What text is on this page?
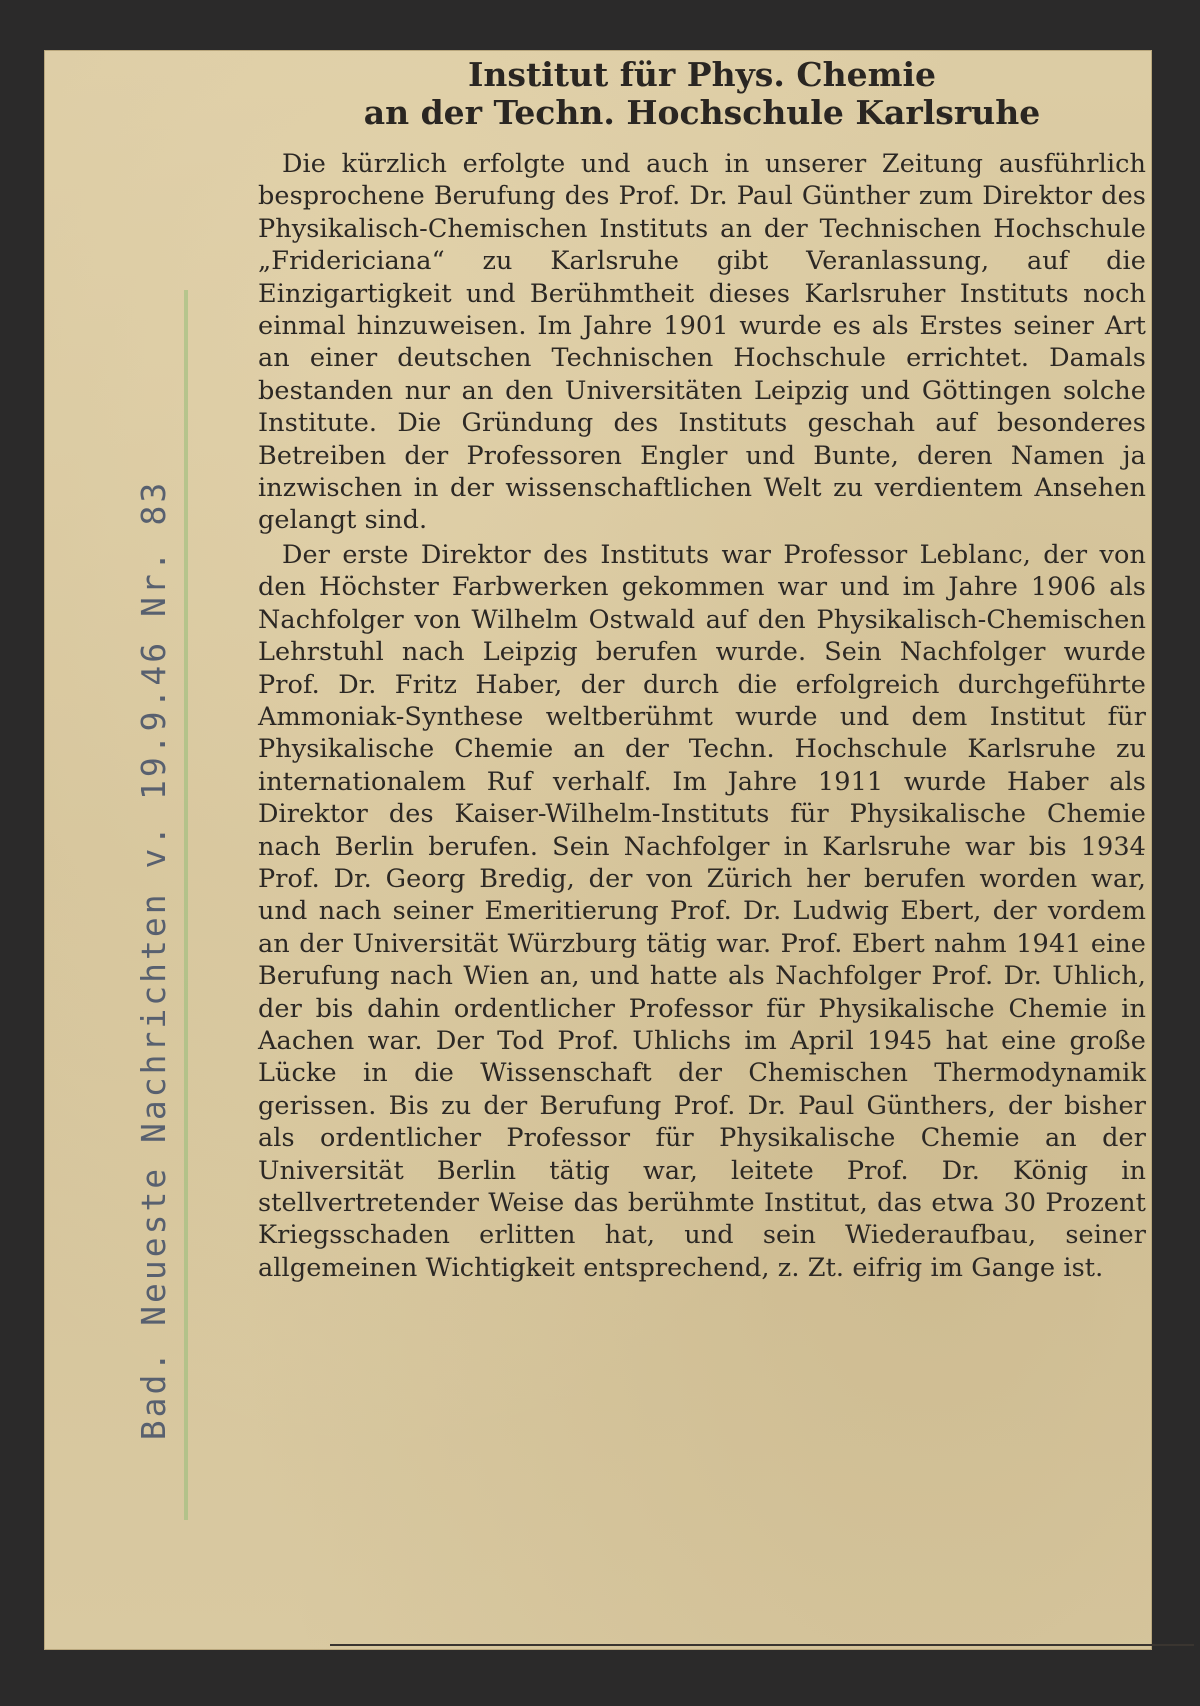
Bad. Neueste Nachrichten v. 19.9.46 Nr. 83
Institut für Phys. Chemie
an der Techn. Hochschule Karlsruhe

Die kürzlich erfolgte und auch in unserer Zeitung ausführlich besprochene Berufung des Prof. Dr. Paul Günther zum Direktor des Physikalisch-Chemischen Instituts an der Technischen Hochschule „Fridericiana“ zu Karlsruhe gibt Veranlassung, auf die Einzigartigkeit und Berühmtheit dieses Karlsruher Instituts noch einmal hinzuweisen. Im Jahre 1901 wurde es als Erstes seiner Art an einer deutschen Technischen Hochschule errichtet. Damals bestanden nur an den Universitäten Leipzig und Göttingen solche Institute. Die Gründung des Instituts geschah auf besonderes Betreiben der Professoren Engler und Bunte, deren Namen ja inzwischen in der wissenschaftlichen Welt zu verdientem Ansehen gelangt sind.

Der erste Direktor des Instituts war Professor Leblanc, der von den Höchster Farbwerken gekommen war und im Jahre 1906 als Nachfolger von Wilhelm Ostwald auf den Physikalisch-Chemischen Lehrstuhl nach Leipzig berufen wurde. Sein Nachfolger wurde Prof. Dr. Fritz Haber, der durch die erfolgreich durchgeführte Ammoniak-Synthese weltberühmt wurde und dem Institut für Physikalische Chemie an der Techn. Hochschule Karlsruhe zu internationalem Ruf verhalf. Im Jahre 1911 wurde Haber als Direktor des Kaiser-Wilhelm-Instituts für Physikalische Chemie nach Berlin berufen. Sein Nachfolger in Karlsruhe war bis 1934 Prof. Dr. Georg Bredig, der von Zürich her berufen worden war, und nach seiner Emeritierung Prof. Dr. Ludwig Ebert, der vordem an der Universität Würzburg tätig war. Prof. Ebert nahm 1941 eine Berufung nach Wien an, und hatte als Nachfolger Prof. Dr. Uhlich, der bis dahin ordentlicher Professor für Physikalische Chemie in Aachen war. Der Tod Prof. Uhlichs im April 1945 hat eine große Lücke in die Wissenschaft der Chemischen Thermodynamik gerissen. Bis zu der Berufung Prof. Dr. Paul Günthers, der bisher als ordentlicher Professor für Physikalische Chemie an der Universität Berlin tätig war, leitete Prof. Dr. König in stellvertretender Weise das berühmte Institut, das etwa 30 Prozent Kriegsschaden erlitten hat, und sein Wiederaufbau, seiner allgemeinen Wichtigkeit entsprechend, z. Zt. eifrig im Gange ist.
